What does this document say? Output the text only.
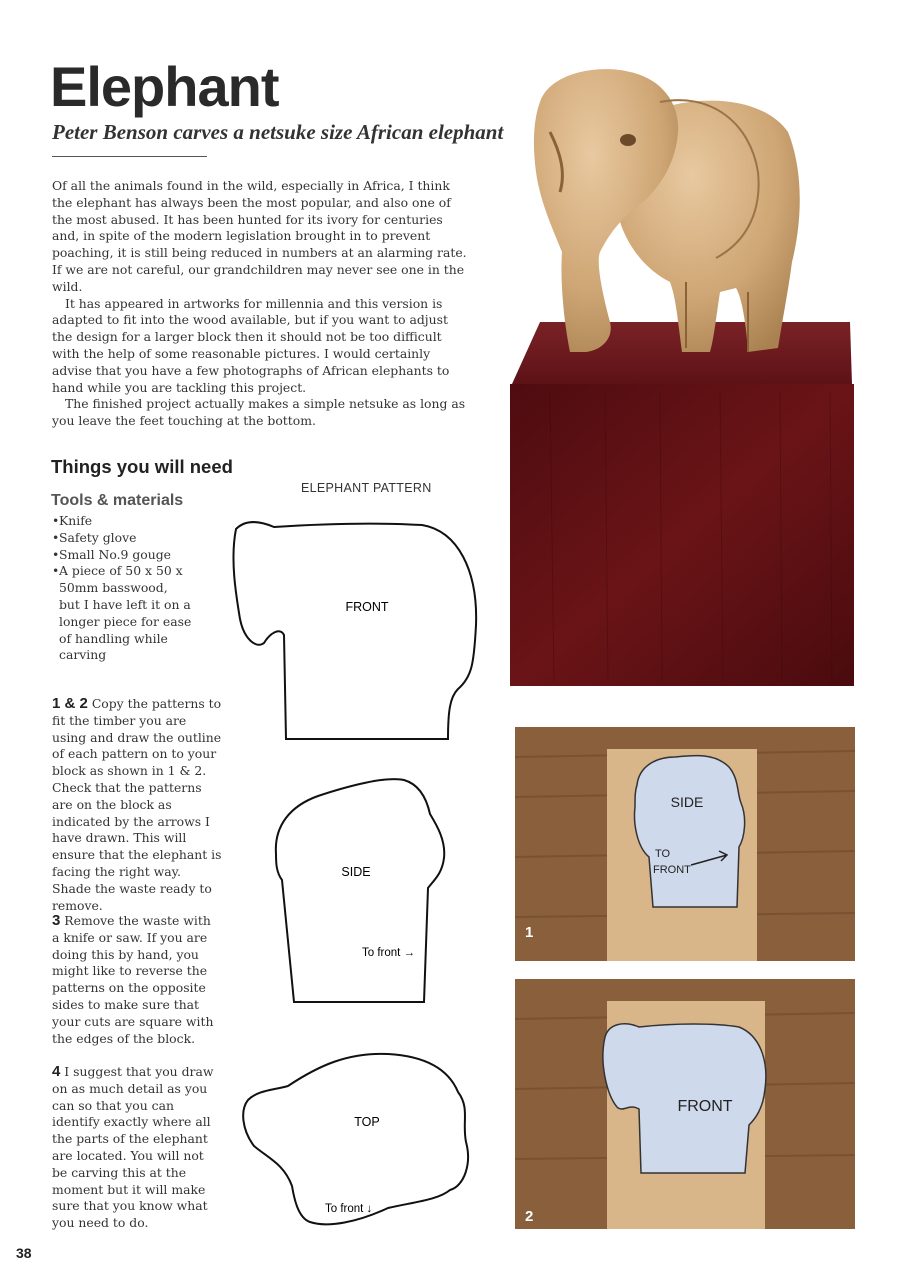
Elephant
Peter Benson carves a netsuke size African elephant

Of all the animals found in the wild, especially in Africa, I think the elephant has always been the most popular, and also one of the most abused. It has been hunted for its ivory for centuries and, in spite of the modern legislation brought in to prevent poaching, it is still being reduced in numbers at an alarming rate. If we are not careful, our grandchildren may never see one in the wild.

It has appeared in artworks for millennia and this version is adapted to fit into the wood available, but if you want to adjust the design for a larger block then it should not be too difficult with the help of some reasonable pictures. I would certainly advise that you have a few photographs of African elephants to hand while you are tackling this project.

The finished project actually makes a simple netsuke as long as you leave the feet touching at the bottom.

Things you will need
Tools & materials
• Knife
• Safety glove
• Small No.9 gouge
• A piece of 50 x 50 x 50mm basswood, but I have left it on a longer piece for ease of handling while carving
1 & 2 Copy the patterns to fit the timber you are using and draw the outline of each pattern on to your block as shown in 1 & 2. Check that the patterns are on the block as indicated by the arrows I have drawn. This will ensure that the elephant is facing the right way. Shade the waste ready to remove.
3 Remove the waste with a knife or saw. If you are doing this by hand, you might like to reverse the patterns on the opposite sides to make sure that your cuts are square with the edges of the block.
4 I suggest that you draw on as much detail as you can so that you can identify exactly where all the parts of the elephant are located. You will not be carving this at the moment but it will make sure that you know what you need to do.
ELEPHANT PATTERN
FRONT
SIDE
To front →
TOP
To front ↓
SIDE
TO
FRONT
1
FRONT
2
38
